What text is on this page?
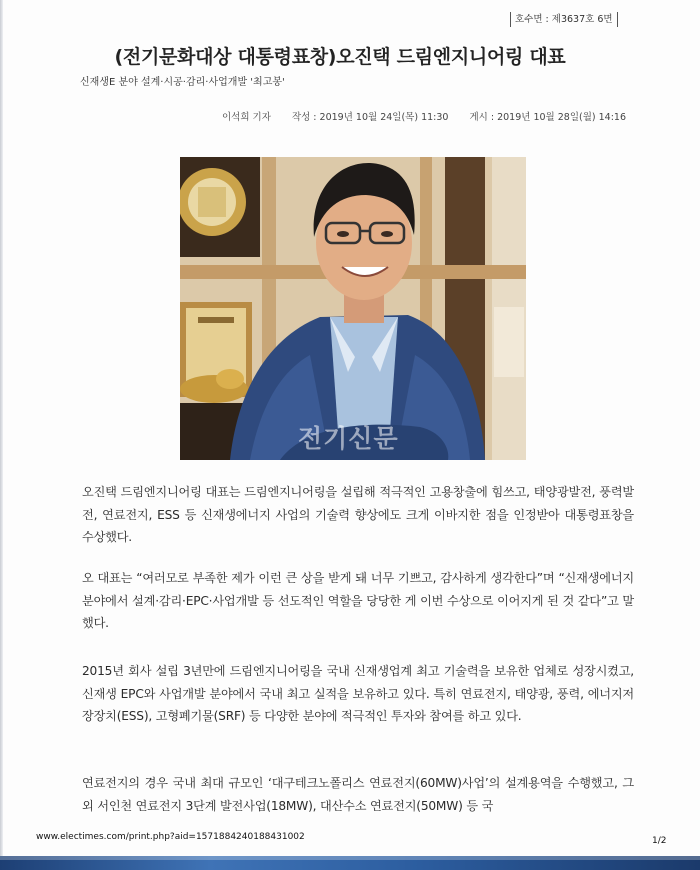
호수면 : 제3637호 6면
(전기문화대상 대통령표창)오진택 드림엔지니어링 대표
신재생E 분야 설계·시공·감리·사업개발 '최고봉'
이석희 기자 작성 : 2019년 10월 24일(목) 11:30 게시 : 2019년 10월 28일(월) 14:16
전기신문
오진택 드림엔지니어링 대표는 드림엔지니어링을 설립해 적극적인 고용창출에 힘쓰고, 태양광발전, 풍력발전, 연료전지, ESS 등 신재생에너지 사업의 기술력 향상에도 크게 이바지한 점을 인정받아 대통령표창을 수상했다.
오 대표는 “여러모로 부족한 제가 이런 큰 상을 받게 돼 너무 기쁘고, 감사하게 생각한다”며 “신재생에너지 분야에서 설계·감리·EPC·사업개발 등 선도적인 역할을 당당한 게 이번 수상으로 이어지게 된 것 같다”고 말했다.
2015년 회사 설립 3년만에 드림엔지니어링을 국내 신재생업계 최고 기술력을 보유한 업체로 성장시켰고, 신재생 EPC와 사업개발 분야에서 국내 최고 실적을 보유하고 있다. 특히 연료전지, 태양광, 풍력, 에너지저장장치(ESS), 고형폐기물(SRF) 등 다양한 분야에 적극적인 투자와 참여를 하고 있다.
연료전지의 경우 국내 최대 규모인 ‘대구테크노폴리스 연료전지(60MW)사업’의 설계용역을 수행했고, 그 외 서인천 연료전지 3단계 발전사업(18MW), 대산수소 연료전지(50MW) 등 국
www.electimes.com/print.php?aid=1571884240188431002	1/2
